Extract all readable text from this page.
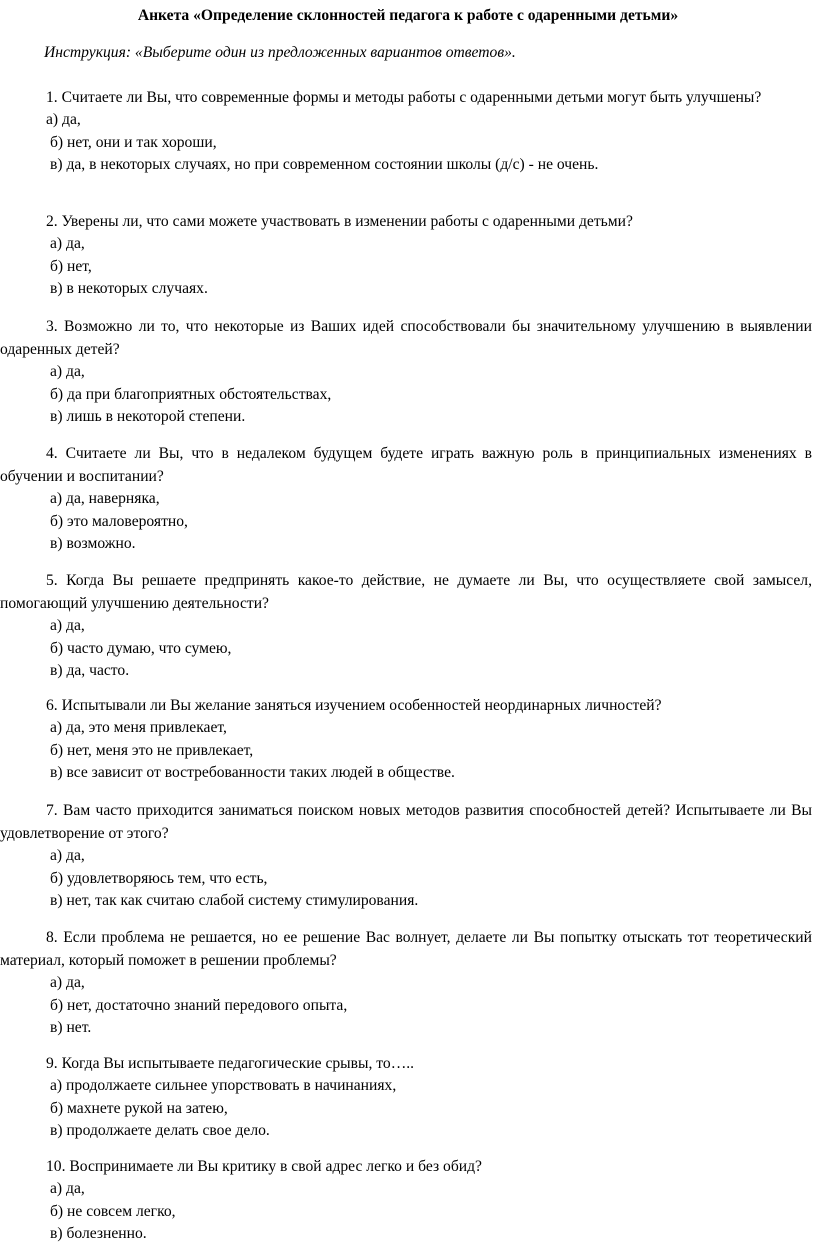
Анкета «Определение склонностей педагога к работе с одаренными детьми»
Инструкция: «Выберите один из предложенных вариантов ответов».

1. Считаете ли Вы, что современные формы и методы работы с одаренными детьми могут быть улучшены?

а) да,
б) нет, они и так хороши,
в) да, в некоторых случаях, но при современном состоянии школы (д/с) - не очень.

2. Уверены ли, что сами можете участвовать в изменении работы с одаренными детьми?

а) да,
б) нет,
в) в некоторых случаях.

3. Возможно ли то, что некоторые из Ваших идей способствовали бы значительному улучшению в выявлении одаренных детей?

а) да,
б) да при благоприятных обстоятельствах,
в) лишь в некоторой степени.

4. Считаете ли Вы, что в недалеком будущем будете играть важную роль в принципиальных изменениях в обучении и воспитании?

а) да, наверняка,
б) это маловероятно,
в) возможно.

5. Когда Вы решаете предпринять какое-то действие, не думаете ли Вы, что осуществляете свой замысел, помогающий улучшению деятельности?

а) да,
б) часто думаю, что сумею,
в) да, часто.

6. Испытывали ли Вы желание заняться изучением особенностей неординарных личностей?

а) да, это меня привлекает,
б) нет, меня это не привлекает,
в) все зависит от востребованности таких людей в обществе.

7. Вам часто приходится заниматься поиском новых методов развития способностей детей? Испытываете ли Вы удовлетворение от этого?

а) да,
б) удовлетворяюсь тем, что есть,
в) нет, так как считаю слабой систему стимулирования.

8. Если проблема не решается, но ее решение Вас волнует, делаете ли Вы попытку отыскать тот теоретический материал, который поможет в решении проблемы?

а) да,
б) нет, достаточно знаний передового опыта,
в) нет.

9. Когда Вы испытываете педагогические срывы, то…..

а) продолжаете сильнее упорствовать в начинаниях,
б) махнете рукой на затею,
в) продолжаете делать свое дело.

10. Воспринимаете ли Вы критику в свой адрес легко и без обид?

а) да,
б) не совсем легко,
в) болезненно.
